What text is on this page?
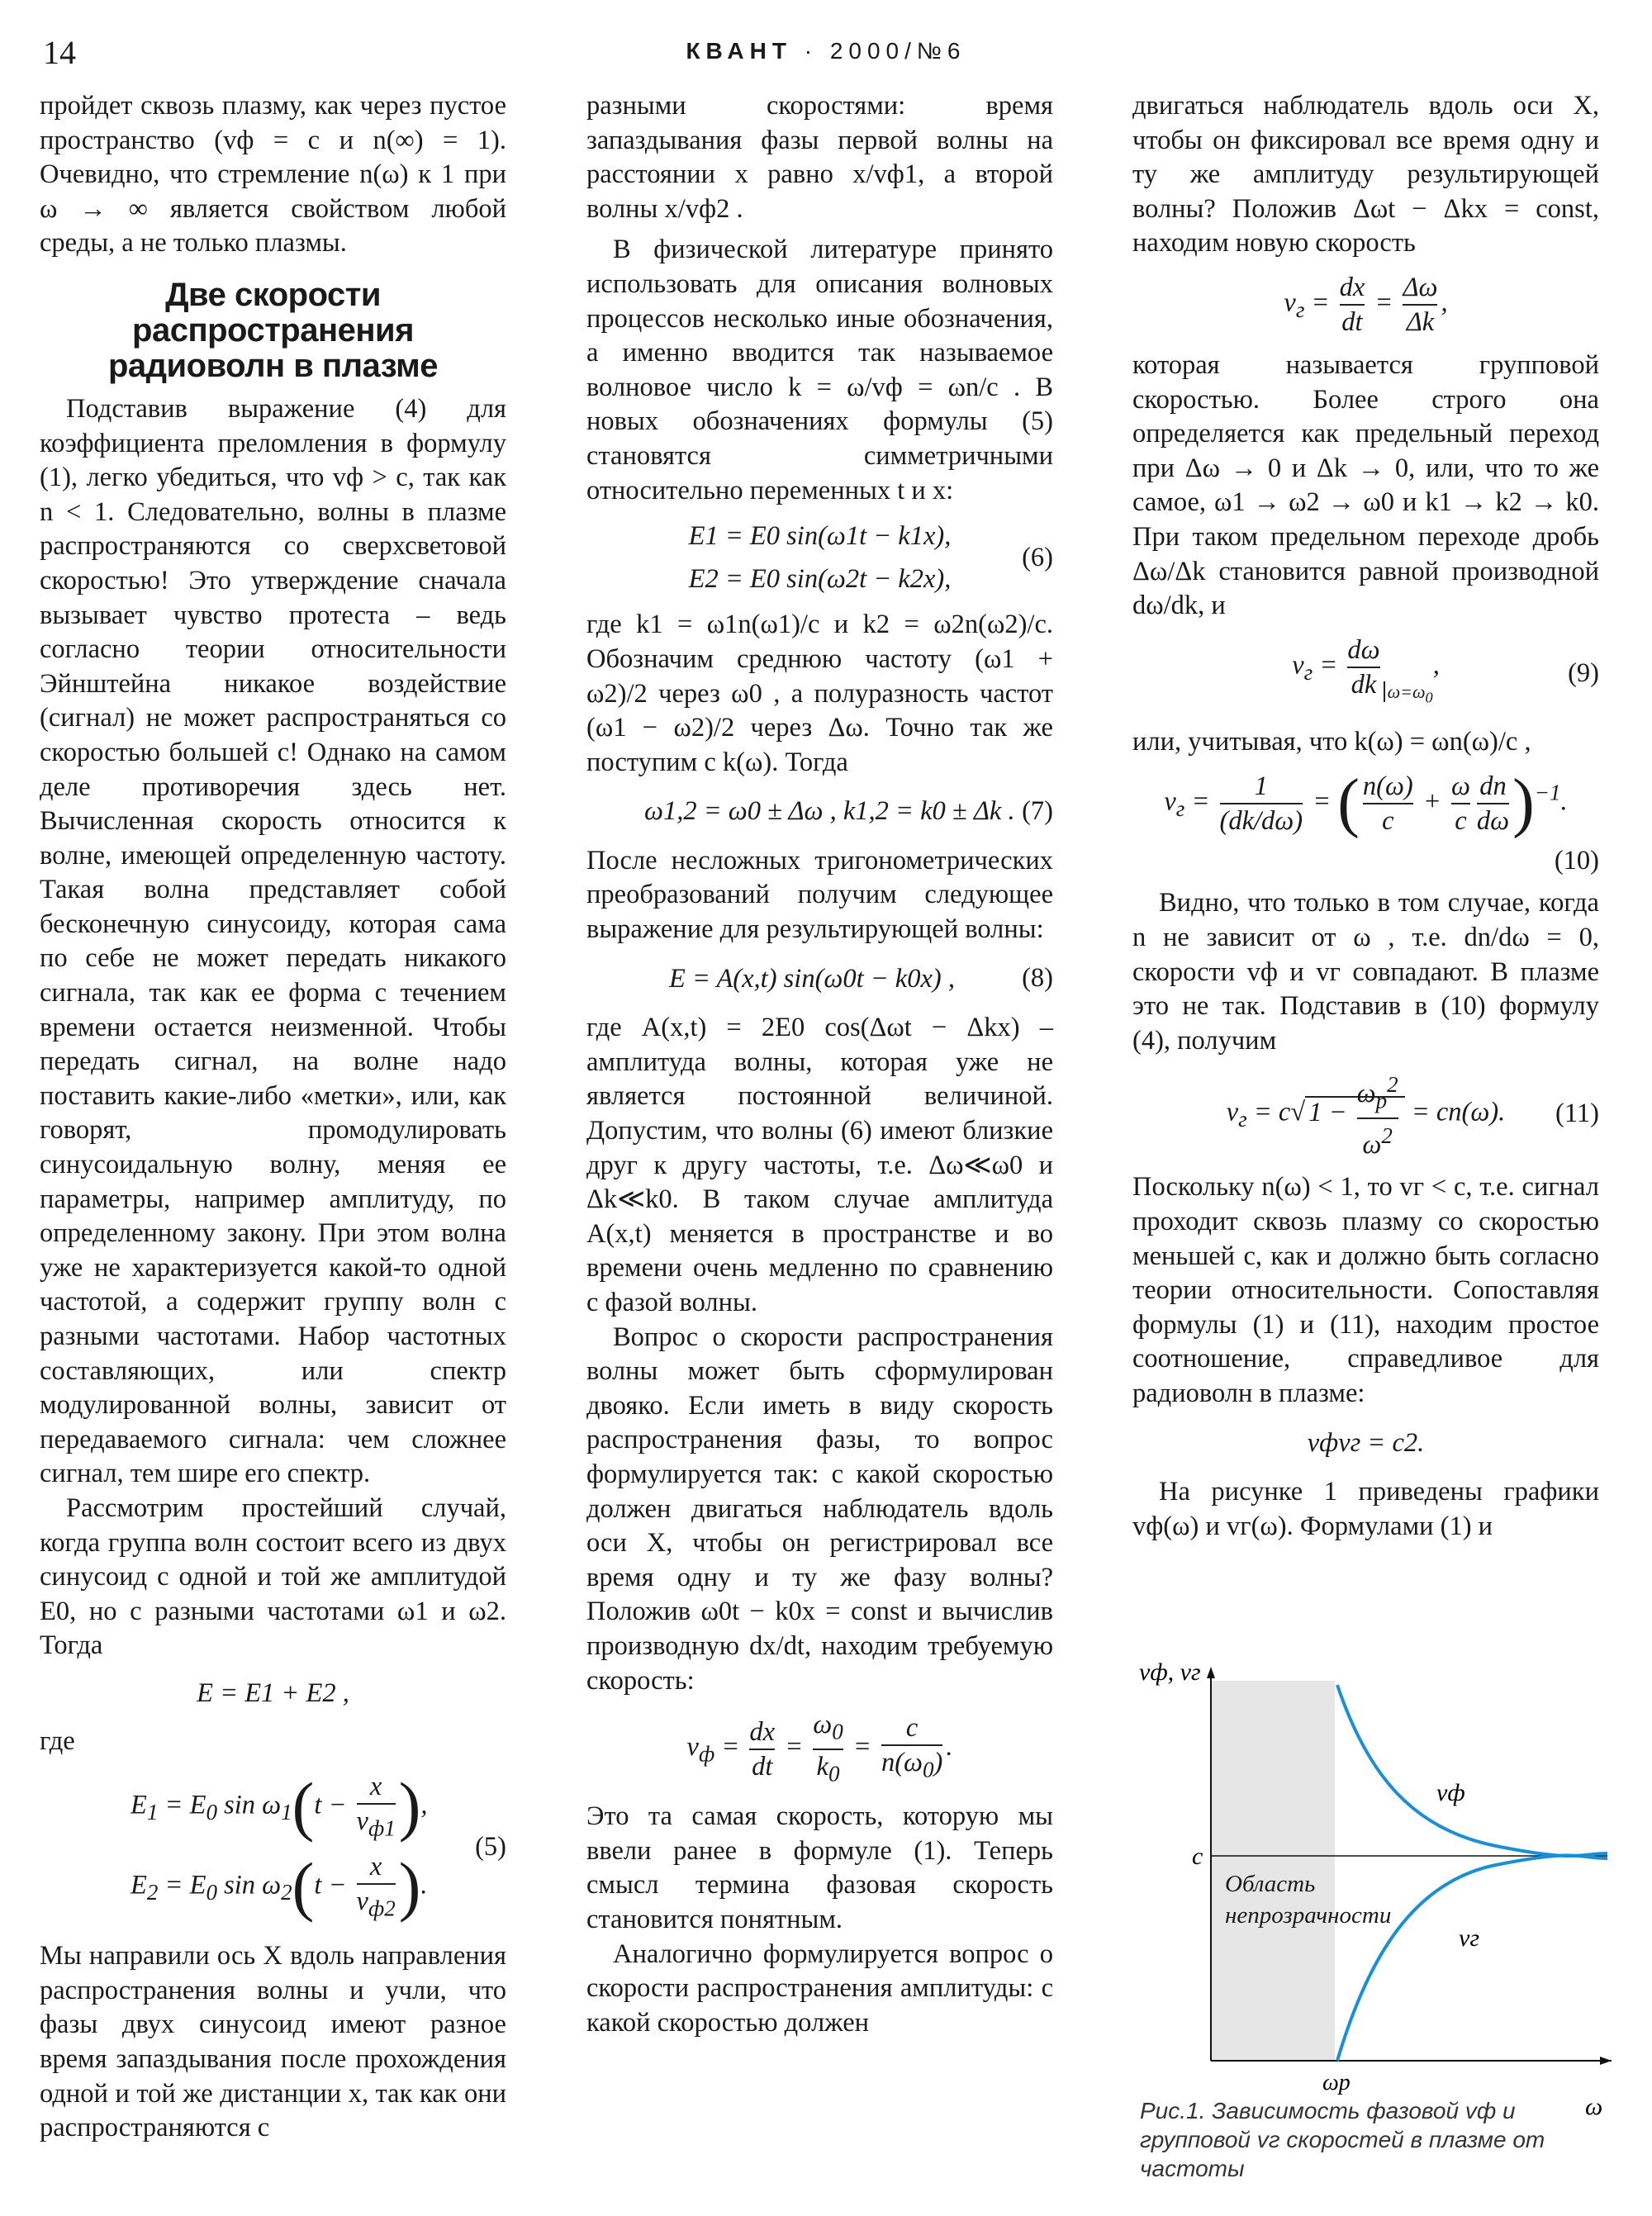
14	КВАНТ · 2000/№6

пройдет сквозь плазму, как через пустое пространство (vф = c и n(∞) = 1). Очевидно, что стремление n(ω) к 1 при ω → ∞ является свойством любой среды, а не только плазмы.

Две скорости распространения радиоволн в плазме

Подставив выражение (4) для коэффициента преломления в формулу (1), легко убедиться, что vф > c, так как n < 1. Следовательно, волны в плазме распространяются со сверхсветовой скоростью! Это утверждение сначала вызывает чувство протеста – ведь согласно теории относительности Эйнштейна никакое воздействие (сигнал) не может распространяться со скоростью большей c! Однако на самом деле противоречия здесь нет. Вычисленная скорость относится к волне, имеющей определенную частоту. Такая волна представляет собой бесконечную синусоиду, которая сама по себе не может передать никакого сигнала, так как ее форма с течением времени остается неизменной. Чтобы передать сигнал, на волне надо поставить какие-либо «метки», или, как говорят, промодулировать синусоидальную волну, меняя ее параметры, например амплитуду, по определенному закону. При этом волна уже не характеризуется какой-то одной частотой, а содержит группу волн с разными частотами. Набор частотных составляющих, или спектр модулированной волны, зависит от передаваемого сигнала: чем сложнее сигнал, тем шире его спектр.

Рассмотрим простейший случай, когда группа волн состоит всего из двух синусоид с одной и той же амплитудой E0, но с разными частотами ω1 и ω2. Тогда

E = E1 + E2 ,

где

$E_1 = E_0$ $\sin \omega_1(t - \frac{x}{v_{ф1}}$ ),
$E_2 = E_0$ $\sin \omega_2(t - \frac{x}{v_{ф2}}$ ).
(5)

Мы направили ось X вдоль направления распространения волны и учли, что фазы двух синусоид имеют разное время запаздывания после прохождения одной и той же дистанции x, так как они распространяются с

разными скоростями: время запаздывания фазы первой волны на расстоянии x равно x/vф1, а второй волны x/vф2 .

В физической литературе принято использовать для описания волновых процессов несколько иные обозначения, а именно вводится так называемое волновое число k = ω/vф = ωn/c . В новых обозначениях формулы (5) становятся симметричными относительно переменных t и x:

E1 = E0 sin(ω1t − k1x),
E2 = E0 sin(ω2t − k2x),
(6)

где k1 = ω1n(ω1)/c и k2 = ω2n(ω2)/c. Обозначим среднюю частоту (ω1 + ω2)/2 через ω0 , а полуразность частот (ω1 − ω2)/2 через Δω. Точно так же поступим с k(ω). Тогда

ω1,2 = ω0 ± Δω , k1,2 = k0 ± Δk . (7)

После несложных тригонометрических преобразований получим следующее выражение для результирующей волны:

E = A(x,t) sin(ω0t − k0x) , (8)

где A(x,t) = 2E0 cos(Δωt − Δkx) – амплитуда волны, которая уже не является постоянной величиной. Допустим, что волны (6) имеют близкие друг к другу частоты, т.е. Δω≪ω0 и Δk≪k0. В таком случае амплитуда A(x,t) меняется в пространстве и во времени очень медленно по сравнению с фазой волны.

Вопрос о скорости распространения волны может быть сформулирован двояко. Если иметь в виду скорость распространения фазы, то вопрос формулируется так: с какой скоростью должен двигаться наблюдатель вдоль оси X, чтобы он регистрировал все время одну и ту же фазу волны? Положив ω0t − k0x = const и вычислив производную dx/dt, находим требуемую скорость:

$v_ф = \frac{dx}{dt} = \frac{\omega_0}{k_0} = \frac{c}{n(\omega_0)}$ .

Это та самая скорость, которую мы ввели ранее в формуле (1). Теперь смысл термина фазовая скорость становится понятным.

Аналогично формулируется вопрос о скорости распространения амплитуды: с какой скоростью должен

двигаться наблюдатель вдоль оси X, чтобы он фиксировал все время одну и ту же амплитуду результирующей волны? Положив Δωt − Δkx = const, находим новую скорость

$v_г = \frac{dx}{dt} = \frac{\Delta\omega}{\Delta k}$ ,

которая называется групповой скоростью. Более строго она определяется как предельный переход при Δω → 0 и Δk → 0, или, что то же самое, ω1 → ω2 → ω0 и k1 → k2 → k0. При таком предельном переходе дробь Δω/Δk становится равной производной dω/dk, и

$v_г = \frac{d\omega}{dk} _{\omega=\omega_0}$,	(9)

или, учитывая, что k(ω) = ωn(ω)/c ,

$v_г = \frac{1}{(dk/d\omega)}$ = ( $\frac{n(\omega)}{c} + \frac{\omega}{c} \frac{dn}{d\omega} )^{-1}$.
(10)

Видно, что только в том случае, когда n не зависит от ω , т.е. dn/dω = 0, скорости vф и vг совпадают. В плазме это не так. Подставив в (10) формулу (4), получим

$v_г = c√$ $1 - \frac{\omega_p^2}{\omega^2} = cn(\omega)$. (11)

Поскольку n(ω) < 1, то vг < c, т.е. сигнал проходит сквозь плазму со скоростью меньшей c, как и должно быть согласно теории относительности. Сопоставляя формулы (1) и (11), находим простое соотношение, справедливое для радиоволн в плазме:

vфvг = c2.

На рисунке 1 приведены графики vф(ω) и vг(ω). Формулами (1) и

vф, vг
ω
c
ωp
vф
vг
Область непрозрачности
Рис.1. Зависимость фазовой vф и групповой vг скоростей в плазме от частоты
